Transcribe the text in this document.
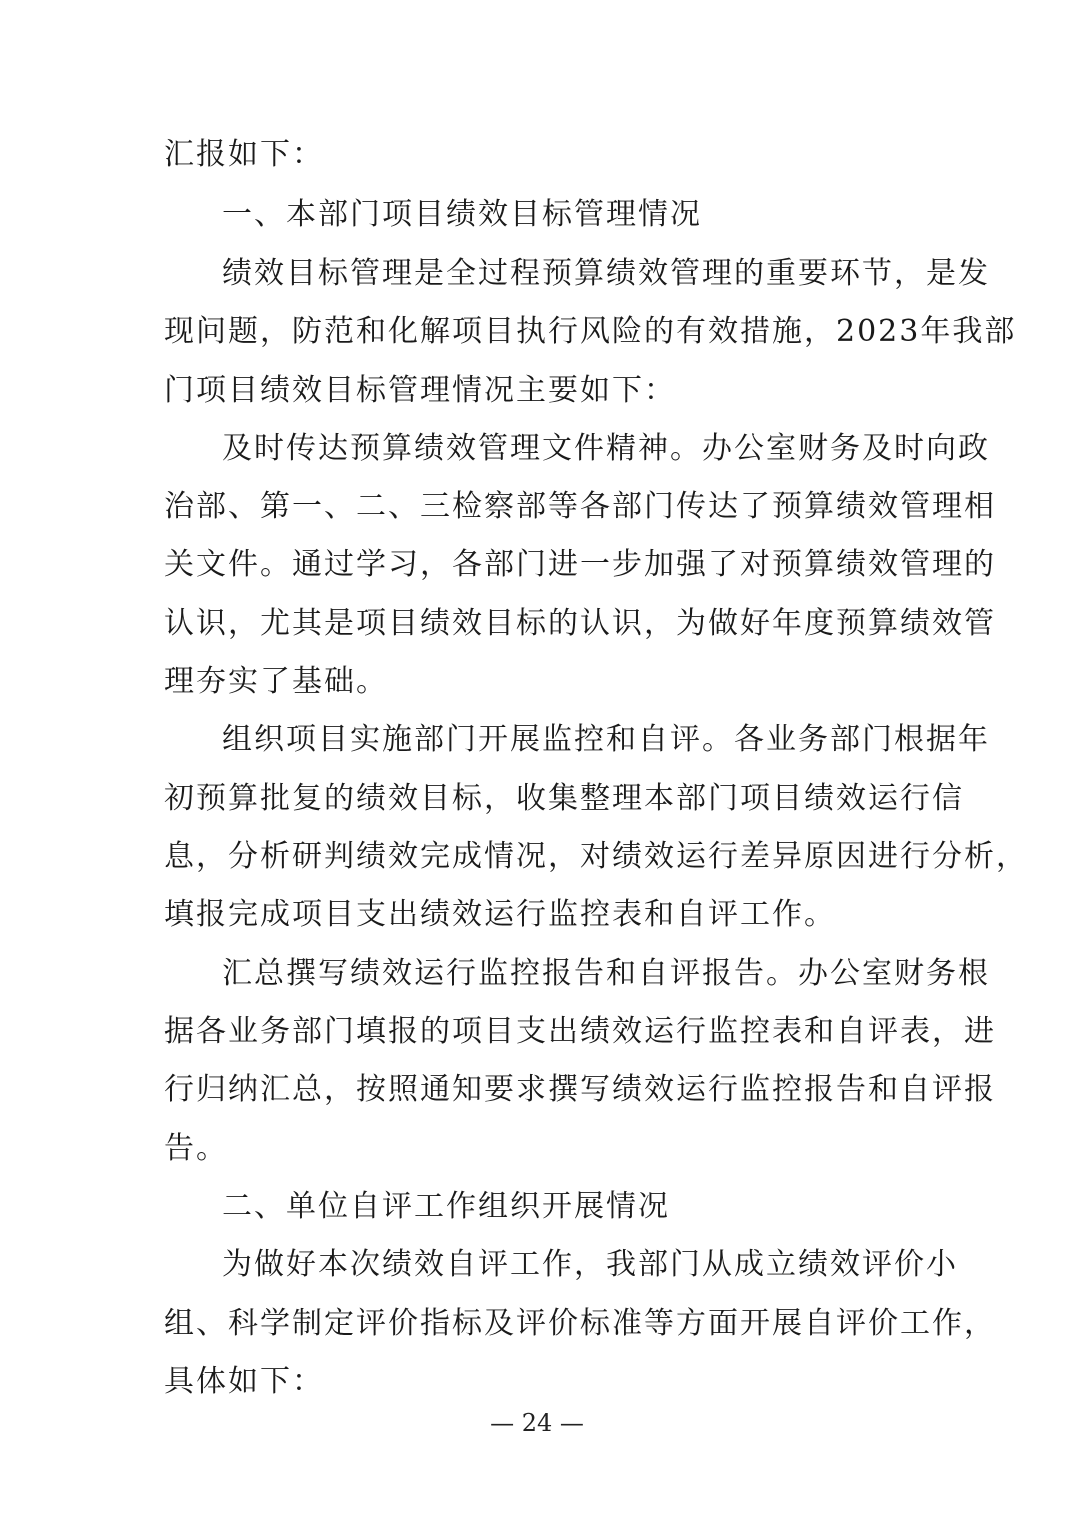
汇报如下：
一、本部门项目绩效目标管理情况
绩效目标管理是全过程预算绩效管理的重要环节，是发
现问题，防范和化解项目执行风险的有效措施，2023年我部
门项目绩效目标管理情况主要如下：
及时传达预算绩效管理文件精神。办公室财务及时向政
治部、第一、二、三检察部等各部门传达了预算绩效管理相
关文件。通过学习，各部门进一步加强了对预算绩效管理的
认识，尤其是项目绩效目标的认识，为做好年度预算绩效管
理夯实了基础。
组织项目实施部门开展监控和自评。各业务部门根据年
初预算批复的绩效目标，收集整理本部门项目绩效运行信
息，分析研判绩效完成情况，对绩效运行差异原因进行分析，
填报完成项目支出绩效运行监控表和自评工作。
汇总撰写绩效运行监控报告和自评报告。办公室财务根
据各业务部门填报的项目支出绩效运行监控表和自评表，进
行归纳汇总，按照通知要求撰写绩效运行监控报告和自评报
告。
二、单位自评工作组织开展情况
为做好本次绩效自评工作，我部门从成立绩效评价小
组、科学制定评价指标及评价标准等方面开展自评价工作，
具体如下：
— 24 —
